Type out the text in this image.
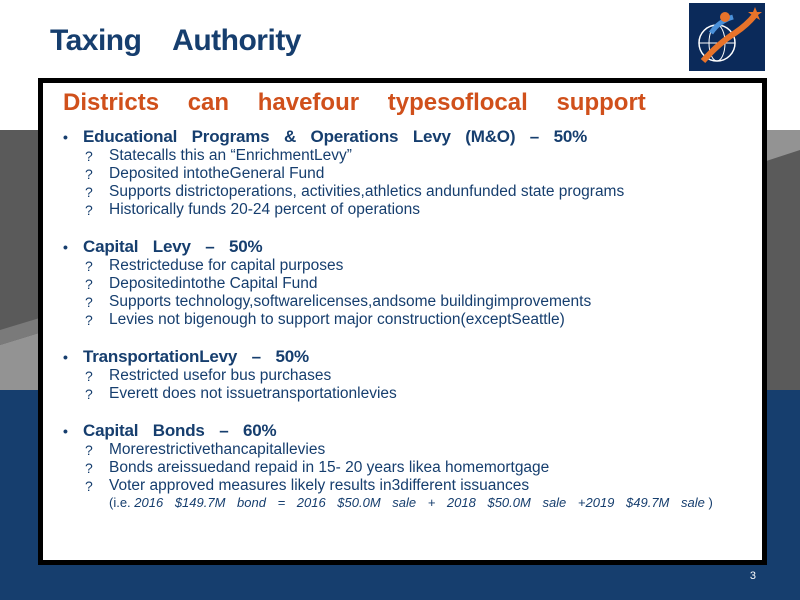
Taxing Authority
Districts can havefour typesoflocal support
• Educational Programs & Operations Levy (M&O) – 50%
?	Statecalls this an “EnrichmentLevy”
?	Deposited intotheGeneral Fund
?	Supports districtoperations, activities,athletics andunfunded state programs
?	Historically funds 20-24 percent of operations
• Capital Levy – 50%
?	Restricteduse for capital purposes
?	Depositedintothe Capital Fund
?	Supports technology,softwarelicenses,andsome buildingimprovements
?	Levies not bigenough to support major construction(exceptSeattle)
• TransportationLevy – 50%
?	Restricted usefor bus purchases
?	Everett does not issuetransportationlevies
• Capital Bonds – 60%
?	Morerestrictivethancapitallevies
?	Bonds areissuedand repaid in 15- 20 years likea homemortgage
?	Voter approved measures likely results in3different issuances
(i.e. 2016 $149.7M bond = 2016 $50.0M sale + 2018 $50.0M sale +2019 $49.7M sale )
3
